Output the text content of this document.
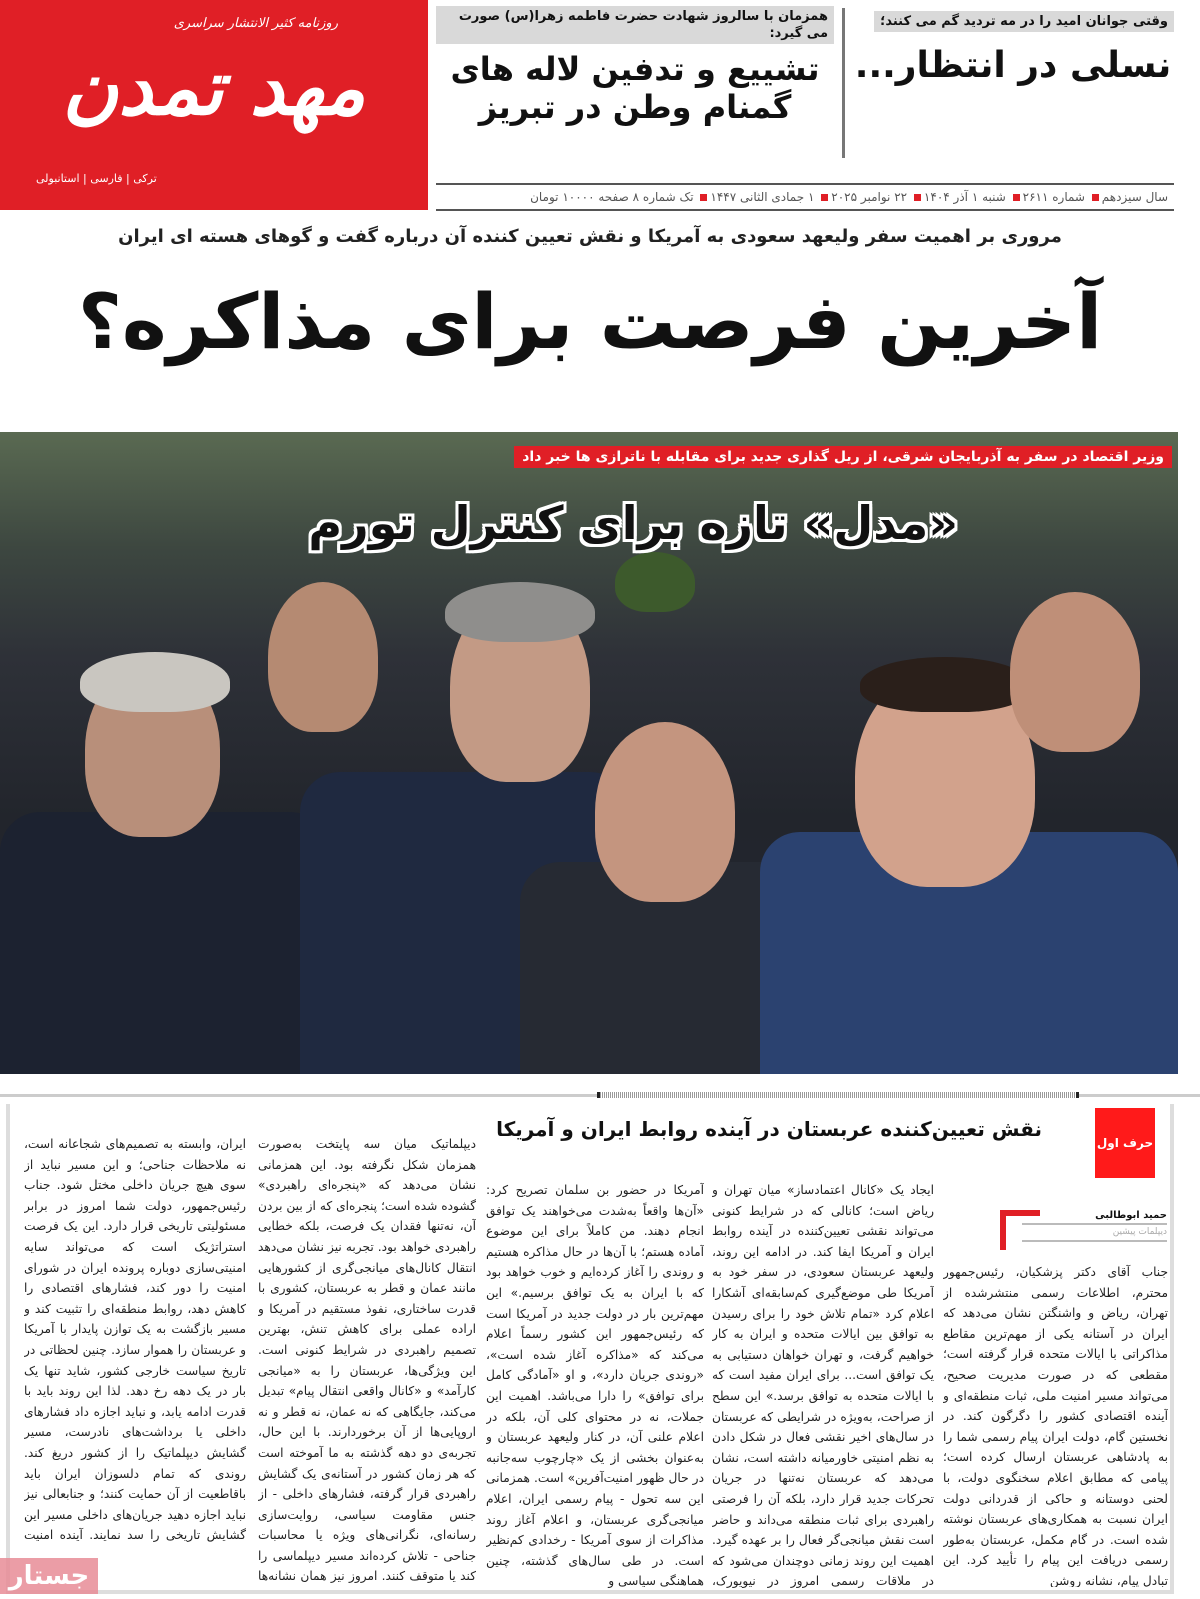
روزنامه کثیر الانتشار سراسری
مهد تمدن
ترکی | فارسی | استانبولی
وقتی جوانان امید را در مه تردید گم می کنند؛
نسلی در انتظار...
همزمان با سالروز شهادت حضرت فاطمه زهرا(س) صورت می گیرد:
تشییع و تدفین لاله های گمنام وطن در تبریز
سال سیزدهم شماره ۲۶۱۱ شنبه ۱ آذر ۱۴۰۴ ۲۲ نوامبر ۲۰۲۵ ۱ جمادی الثانی ۱۴۴۷ تک شماره ۸ صفحه ۱۰۰۰۰ تومان
مروری بر اهمیت سفر ولیعهد سعودی به آمریکا و نقش تعیین کننده آن درباره گفت و گوهای هسته ای ایران
آخرین فرصت برای مذاکره؟
وزیر اقتصاد در سفر به آذربایجان شرقی، از ریل گذاری جدید برای مقابله با ناترازی ها خبر داد
«مدل» تازه برای کنترل تورم
حرف اول
نقش تعیین‌کننده عربستان در آینده روابط ایران و آمریکا
حمید ابوطالبی
دیپلمات پیشین
جناب آقای دکتر پزشکیان، رئیس‌جمهور محترم، اطلاعات رسمی منتشرشده از تهران، ریاض و واشنگتن نشان می‌دهد که ایران در آستانه یکی از مهم‌ترین مقاطع مذاکراتی با ایالات متحده قرار گرفته است؛ مقطعی که در صورت مدیریت صحیح، می‌تواند مسیر امنیت ملی، ثبات منطقه‌ای و آینده اقتصادی کشور را دگرگون کند. در نخستین گام، دولت ایران پیام رسمی شما را به پادشاهی عربستان ارسال کرده است؛ پیامی که مطابق اعلام سخنگوی دولت، با لحنی دوستانه و حاکی از قدردانی دولت ایران نسبت به همکاری‌های عربستان نوشته شده است. در گام مکمل، عربستان به‌طور رسمی دریافت این پیام را تأیید کرد. این تبادل پیام، نشانه روشن
ایجاد یک «کانال اعتمادساز» میان تهران و ریاض است؛ کانالی که در شرایط کنونی می‌تواند نقشی تعیین‌کننده در آینده روابط ایران و آمریکا ایفا کند. در ادامه این روند، ولیعهد عربستان سعودی، در سفر خود به آمریکا طی موضع‌گیری کم‌سابقه‌ای آشکارا اعلام کرد «تمام تلاش خود را برای رسیدن به توافق بین ایالات متحده و ایران به کار خواهیم گرفت، و تهران خواهان دستیابی به یک توافق است... برای ایران مفید است که با ایالات متحده به توافق برسد.» این سطح از صراحت، به‌ویژه در شرایطی که عربستان در سال‌های اخیر نقشی فعال در شکل دادن به نظم امنیتی خاورمیانه داشته است، نشان می‌دهد که عربستان نه‌تنها در جریان تحرکات جدید قرار دارد، بلکه آن را فرصتی راهبردی برای ثبات منطقه می‌داند و حاضر است نقش میانجی‌گر فعال را بر عهده گیرد. اهمیت این روند زمانی دوچندان می‌شود که در ملاقات رسمی امروز در نیویورک،
آمریکا در حضور بن سلمان تصریح کرد: «آن‌ها واقعاً به‌شدت می‌خواهند یک توافق انجام دهند. من کاملاً برای این موضوع آماده هستم؛ با آن‌ها در حال مذاکره هستیم و روندی را آغاز کرده‌ایم و خوب خواهد بود که با ایران به یک توافق برسیم.» این مهم‌ترین بار در دولت جدید در آمریکا است که رئیس‌جمهور این کشور رسماً اعلام می‌کند که «مذاکره آغاز شده است»، «روندی جریان دارد»، و او «آمادگی کامل برای توافق» را دارا می‌باشد. اهمیت این جملات، نه در محتوای کلی آن، بلکه در اعلام علنی آن، در کنار ولیعهد عربستان و به‌عنوان بخشی از یک «چارچوب سه‌جانبه در حال ظهور امنیت‌آفرین» است. همزمانی این سه تحول - پیام رسمی ایران، اعلام میانجی‌گری عربستان، و اعلام آغاز روند مذاکرات از سوی آمریکا - رخدادی کم‌نظیر است. در طی سال‌های گذشته، چنین هماهنگی سیاسی و
دیپلماتیک میان سه پایتخت به‌صورت همزمان شکل نگرفته بود. این همزمانی نشان می‌دهد که «پنجره‌ای راهبردی» گشوده شده است؛ پنجره‌ای که از بین بردن آن، نه‌تنها فقدان یک فرصت، بلکه خطایی راهبردی خواهد بود. تجربه نیز نشان می‌دهد انتقال کانال‌های میانجی‌گری از کشورهایی مانند عمان و قطر به عربستان، کشوری با قدرت ساختاری، نفوذ مستقیم در آمریکا و اراده عملی برای کاهش تنش، بهترین تصمیم راهبردی در شرایط کنونی است. این ویژگی‌ها، عربستان را به «میانجی کارآمد» و «کانال واقعی انتقال پیام» تبدیل می‌کند، جایگاهی که نه عمان، نه قطر و نه اروپایی‌ها از آن برخوردارند. با این حال، تجربه‌ی دو دهه گذشته به ما آموخته است که هر زمان کشور در آستانه‌ی یک گشایش راهبردی قرار گرفته، فشارهای داخلی - از جنس مقاومت سیاسی، روایت‌سازی رسانه‌ای، نگرانی‌های ویژه یا محاسبات جناحی - تلاش کرده‌اند مسیر دیپلماسی را کند یا متوقف کنند. امروز نیز همان نشانه‌ها
ایران، وابسته به تصمیم‌های شجاعانه است، نه ملاحظات جناحی؛ و این مسیر نباید از سوی هیچ جریان داخلی مختل شود. جناب رئیس‌جمهور، دولت شما امروز در برابر مسئولیتی تاریخی قرار دارد. این یک فرصت استراتژیک است که می‌تواند سایه امنیتی‌سازی دوباره پرونده ایران در شورای امنیت را دور کند، فشارهای اقتصادی را کاهش دهد، روابط منطقه‌ای را تثبیت کند و مسیر بازگشت به یک توازن پایدار با آمریکا و عربستان را هموار سازد. چنین لحظاتی در تاریخ سیاست خارجی کشور، شاید تنها یک بار در یک دهه رخ دهد. لذا این روند باید با قدرت ادامه یابد، و نباید اجازه داد فشارهای داخلی یا برداشت‌های نادرست، مسیر گشایش دیپلماتیک را از کشور دریغ کند. روندی که تمام دلسوزان ایران باید باقاطعیت از آن حمایت کنند؛ و جنابعالی نیز نباید اجازه دهید جریان‌های داخلی مسیر این گشایش تاریخی را سد نمایند. آینده امنیت
جستار
